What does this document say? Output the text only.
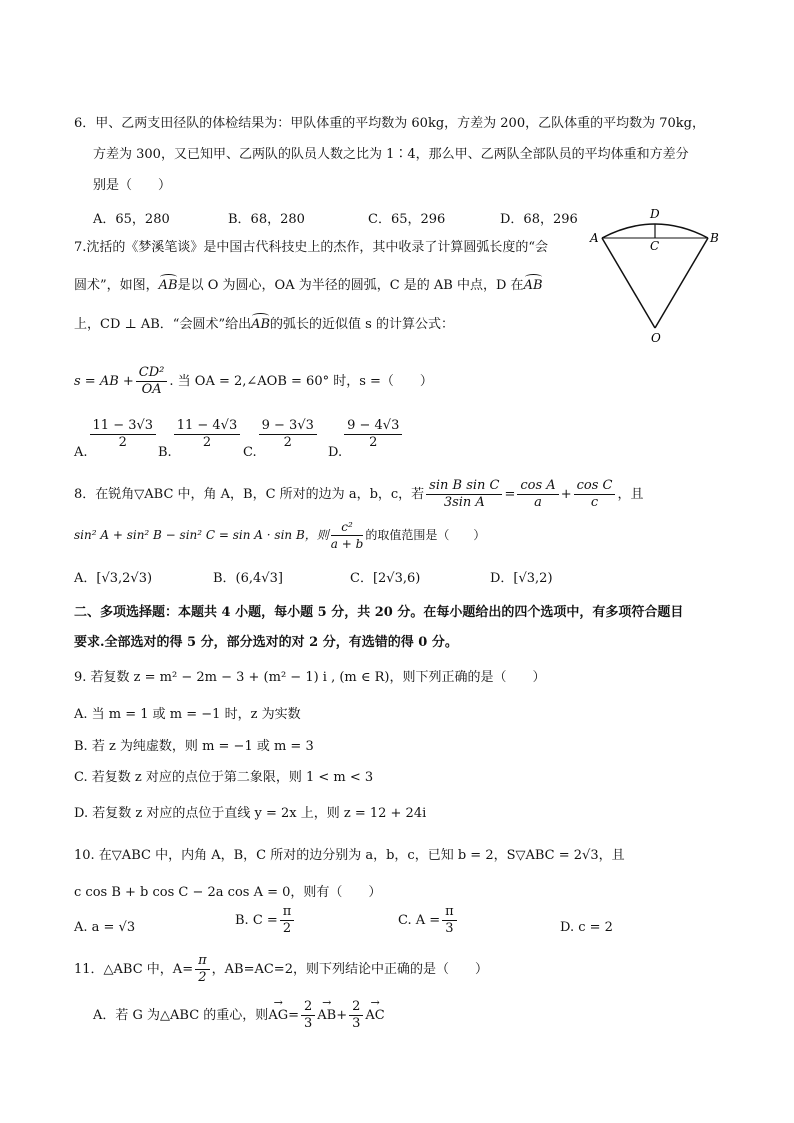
6．甲、乙两支田径队的体检结果为：甲队体重的平均数为 60kg，方差为 200，乙队体重的平均数为 70kg，
方差为 300，又已知甲、乙两队的队员人数之比为 1∶4，那么甲、乙两队全部队员的平均体重和方差分
别是（　　）
A．65，280	B．68，280	C．65，296	D．68，296	D
A	B
C
O
7.沈括的《梦溪笔谈》是中国古代科技史上的杰作，其中收录了计算圆弧长度的“会
圆术”，如图，AB是以 O 为圆心，OA 为半径的圆弧，C 是的 AB 中点，D 在AB
上，CD ⊥ AB．“会圆术”给出AB的弧长的近似值 s 的计算公式：
s = AB + $\frac{\text{CD²}}{OA}$ . 当 OA = 2,∠AOB = 60° 时，s =（　　）
A.
$\frac{11 - 3√3}{2}$
B.
$\frac{11 - 4√3}{2}$
C.
$\frac{9 - 3√3}{2}$
D.
$\frac{9 - 4√3}{2}$
8．在锐角▽ABC 中，角 A，B，C 所对的边为 a，b，c，若 $\frac{\text{sin B sin C}}{\text{3sin A}} = \frac{\text{cos A}}{a} + \frac{\text{cos C}}{c}$ ，且
sin² A + sin² B − sin² C = sin A · sin B，则 $\frac{\text{c²}}{a + b}$ 的取值范围是（　　）
A．[√3,2√3)	B．(6,4√3]	C．[2√3,6)	D．[√3,2)
二、多项选择题：本题共 4 小题，每小题 5 分，共 20 分。在每小题给出的四个选项中，有多项符合题目
要求.全部选对的得 5 分，部分选对的对 2 分，有选错的得 0 分。
9. 若复数 z = m² − 2m − 3 + (m² − 1) i , (m ∈ R)，则下列正确的是（　　）
A. 当 m = 1 或 m = −1 时，z 为实数
B. 若 z 为纯虚数，则 m = −1 或 m = 3
C. 若复数 z 对应的点位于第二象限，则 1 < m < 3
D. 若复数 z 对应的点位于直线 y = 2x 上，则 z = 12 + 24i
10. 在▽ABC 中，内角 A，B，C 所对的边分别为 a，b，c，已知 b = 2，S▽ABC = 2√3，且
c cos B + b cos C − 2a cos A = 0，则有（　　）
A. a = √3	B. $C = \frac{\pi}{2}$	C. $A = \frac{\pi}{3}$	D. c = 2
11．△ABC 中，$A= \frac{\pi}{2}$ ，AB=AC=2，则下列结论中正确的是（　　）
A．若 G 为△ABC 的重心，则→ $AG= \frac{2}{3}$
→ $AB+ \frac{2}{3}$
→ AC
